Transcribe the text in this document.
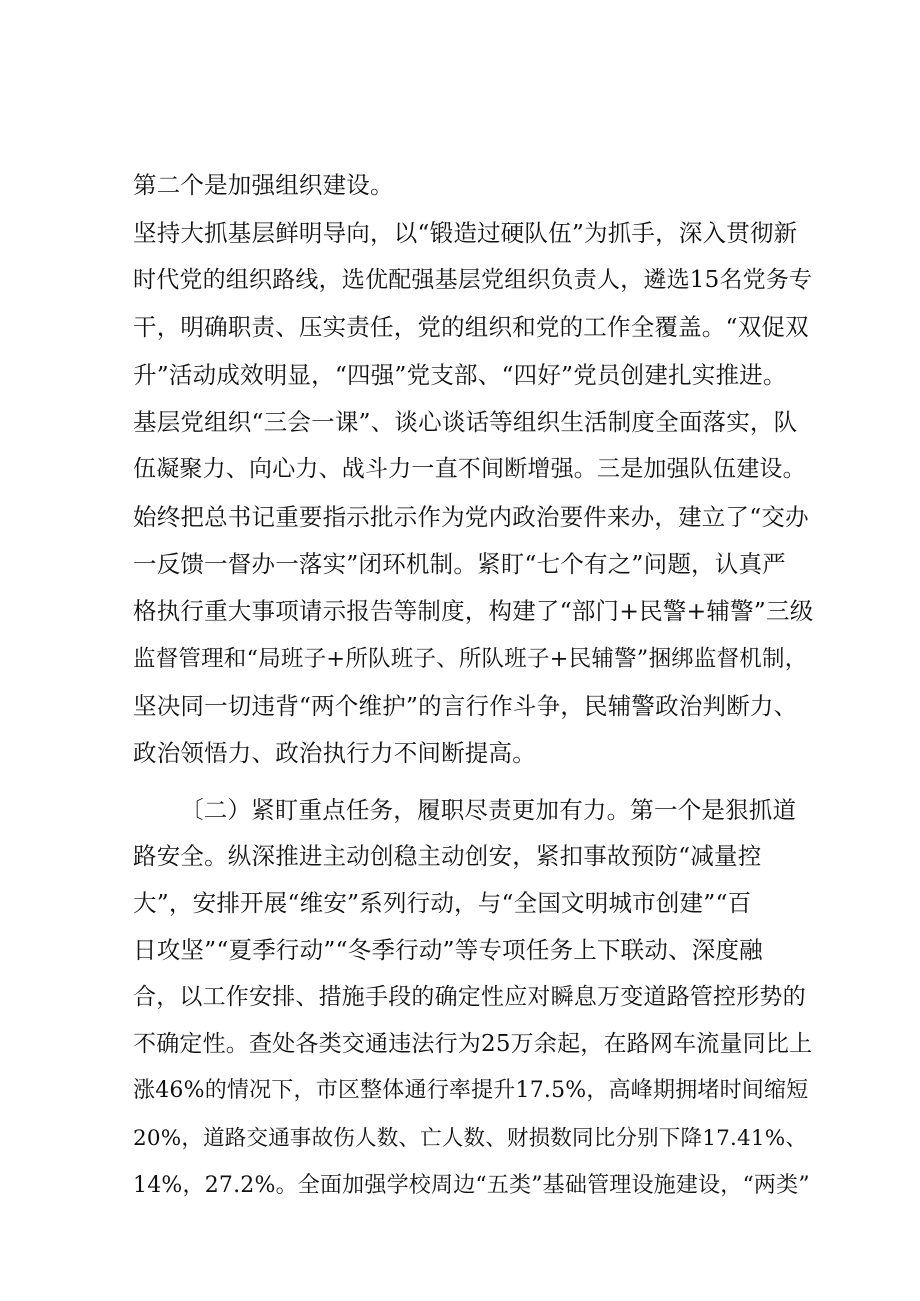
第二个是加强组织建设。
坚持大抓基层鲜明导向，以“锻造过硬队伍”为抓手，深入贯彻新
时代党的组织路线，选优配强基层党组织负责人，遴选15名党务专
干，明确职责、压实责任，党的组织和党的工作全覆盖。“双促双
升”活动成效明显，“四强”党支部、“四好”党员创建扎实推进。
基层党组织“三会一课”、谈心谈话等组织生活制度全面落实，队
伍凝聚力、向心力、战斗力一直不间断增强。三是加强队伍建设。
始终把总书记重要指示批示作为党内政治要件来办，建立了“交办
一反馈一督办一落实”闭环机制。紧盯“七个有之”问题，认真严
格执行重大事项请示报告等制度，构建了“部门+民警+辅警”三级
监督管理和“局班子+所队班子、所队班子+民辅警”捆绑监督机制，
坚决同一切违背“两个维护”的言行作斗争，民辅警政治判断力、
政治领悟力、政治执行力不间断提高。
〔二）紧盯重点任务，履职尽责更加有力。第一个是狠抓道
路安全。纵深推进主动创稳主动创安，紧扣事故预防“减量控
大”，安排开展“维安”系列行动，与“全国文明城市创建”“百
日攻坚”“夏季行动”“冬季行动”等专项任务上下联动、深度融
合，以工作安排、措施手段的确定性应对瞬息万变道路管控形势的
不确定性。查处各类交通违法行为25万余起，在路网车流量同比上
涨46%的情况下，市区整体通行率提升17.5%，高峰期拥堵时间缩短
20%，道路交通事故伤人数、亡人数、财损数同比分别下降17.41%、
14%，27.2%。全面加强学校周边“五类”基础管理设施建设，“两类”
